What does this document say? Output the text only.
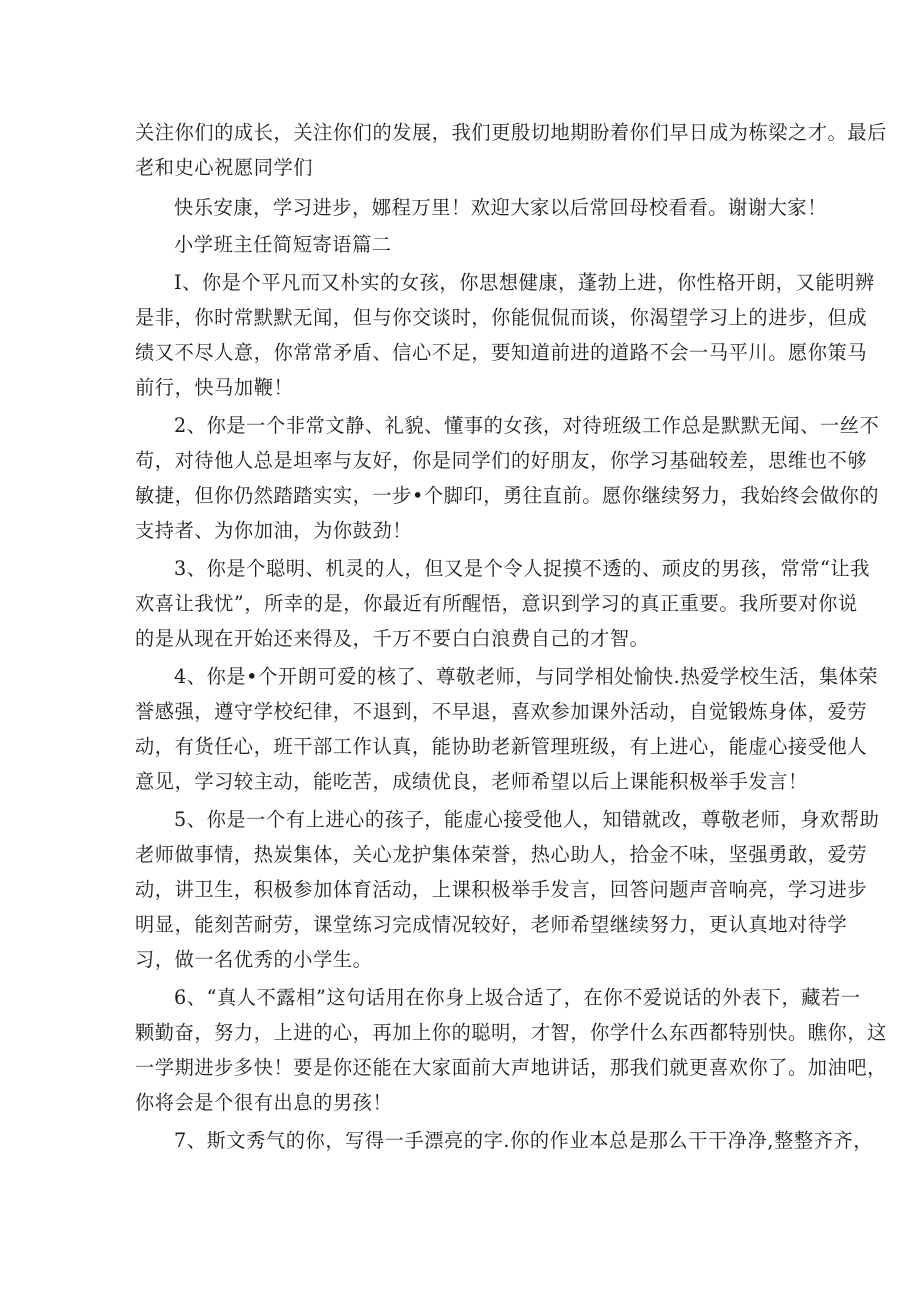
关注你们的成长，关注你们的发展，我们更殷切地期盼着你们早日成为栋梁之才。最后
老和史心祝愿同学们
快乐安康，学习进步，娜程万里！欢迎大家以后常回母校看看。谢谢大家！
小学班主任简短寄语篇二
I、你是个平凡而又朴实的女孩，你思想健康，蓬勃上进，你性格开朗，又能明辨
是非，你时常默默无闻，但与你交谈时，你能侃侃而谈，你渴望学习上的进步，但成
绩又不尽人意，你常常矛盾、信心不足，要知道前进的道路不会一马平川。愿你策马
前行，快马加鞭！
2、你是一个非常文静、礼貌、懂事的女孩，对待班级工作总是默默无闻、一丝不
苟，对待他人总是坦率与友好，你是同学们的好朋友，你学习基础较差，思维也不够
敏捷，但你仍然踏踏实实，一步•个脚印，勇往直前。愿你继续努力，我始终会做你的
支持者、为你加油，为你鼓劲！
3、你是个聪明、机灵的人，但又是个令人捉摸不透的、顽皮的男孩，常常“让我
欢喜让我忧”，所幸的是，你最近有所醒悟，意识到学习的真正重要。我所要对你说
的是从现在开始还来得及，千万不要白白浪费自己的才智。
4、你是•个开朗可爱的核了、尊敬老师，与同学相处愉快.热爱学校生活，集体荣
誉感强，遵守学校纪律，不退到，不早退，喜欢参加课外活动，自觉锻炼身体，爱劳
动，有货任心，班干部工作认真，能协助老新管理班级，有上进心，能虚心接受他人
意见，学习较主动，能吃苦，成绩优良，老师希望以后上课能积极举手发言！
5、你是一个有上进心的孩子，能虚心接受他人，知错就改，尊敬老师，身欢帮助
老师做事情，热炭集体，关心龙护集体荣誉，热心助人，拾金不味，坚强勇敢，爱劳
动，讲卫生，积极参加体育活动，上课积极举手发言，回答问题声音响亮，学习进步
明显，能刻苦耐劳，课堂练习完成情况较好，老师希望继续努力，更认真地对待学
习，做一名优秀的小学生。
6、“真人不露相”这句话用在你身上圾合适了，在你不爱说话的外表下，藏若一
颗勤奋，努力，上进的心，再加上你的聪明，才智，你学什么东西都特别快。瞧你，这
一学期进步多快！要是你还能在大家面前大声地讲话，那我们就更喜欢你了。加油吧，
你将会是个很有出息的男孩！
7、斯文秀气的你，写得一手漂亮的字.你的作业本总是那么干干净净,整整齐齐，
